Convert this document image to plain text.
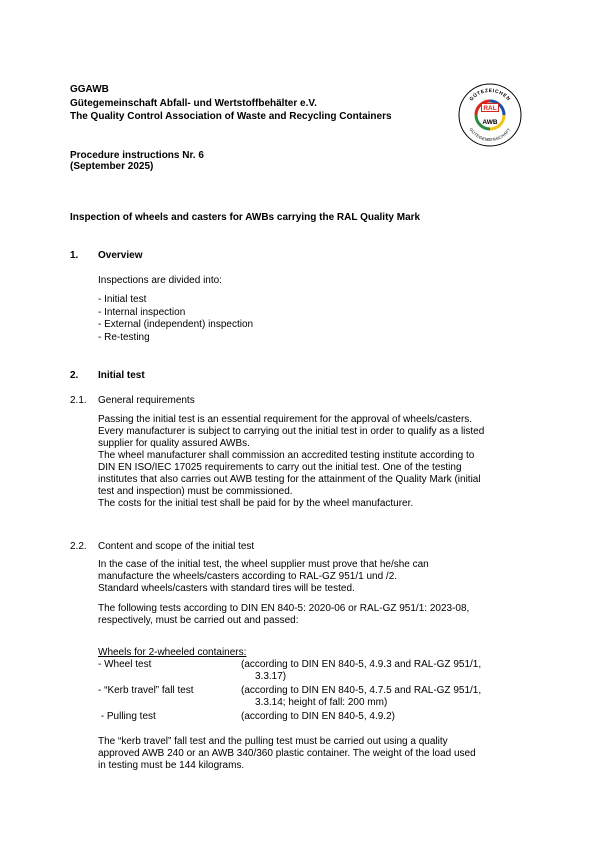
GGAWB
Gütegemeinschaft Abfall- und Wertstoffbehälter e.V.
The Quality Control Association of Waste and Recycling Containers
GÜTEZEICHEN
GÜTEGEMEINSCHAFT
RAL
AWB
Procedure instructions Nr. 6
(September 2025)
Inspection of wheels and casters for AWBs carrying the RAL Quality Mark
1. Overview
Inspections are divided into:
- Initial test
- Internal inspection
- External (independent) inspection
- Re-testing
2. Initial test
2.1. General requirements
Passing the initial test is an essential requirement for the approval of wheels/casters.
Every manufacturer is subject to carrying out the initial test in order to qualify as a listed
supplier for quality assured AWBs.
The wheel manufacturer shall commission an accredited testing institute according to
DIN EN ISO/IEC 17025 requirements to carry out the initial test. One of the testing
institutes that also carries out AWB testing for the attainment of the Quality Mark (initial
test and inspection) must be commissioned.
The costs for the initial test shall be paid for by the wheel manufacturer.
2.2. Content and scope of the initial test
In the case of the initial test, the wheel supplier must prove that he/she can
manufacture the wheels/casters according to RAL-GZ 951/1 und /2.
Standard wheels/casters with standard tires will be tested.
The following tests according to DIN EN 840-5: 2020-06 or RAL-GZ 951/1: 2023-08,
respectively, must be carried out and passed:
Wheels for 2-wheeled containers:
- Wheel test	(according to DIN EN 840-5, 4.9.3 and RAL-GZ 951/1,
3.3.17)
- “Kerb travel” fall test	(according to DIN EN 840-5, 4.7.5 and RAL-GZ 951/1,
3.3.14; height of fall: 200 mm)
- Pulling test	(according to DIN EN 840-5, 4.9.2)
The “kerb travel” fall test and the pulling test must be carried out using a quality
approved AWB 240 or an AWB 340/360 plastic container. The weight of the load used
in testing must be 144 kilograms.
